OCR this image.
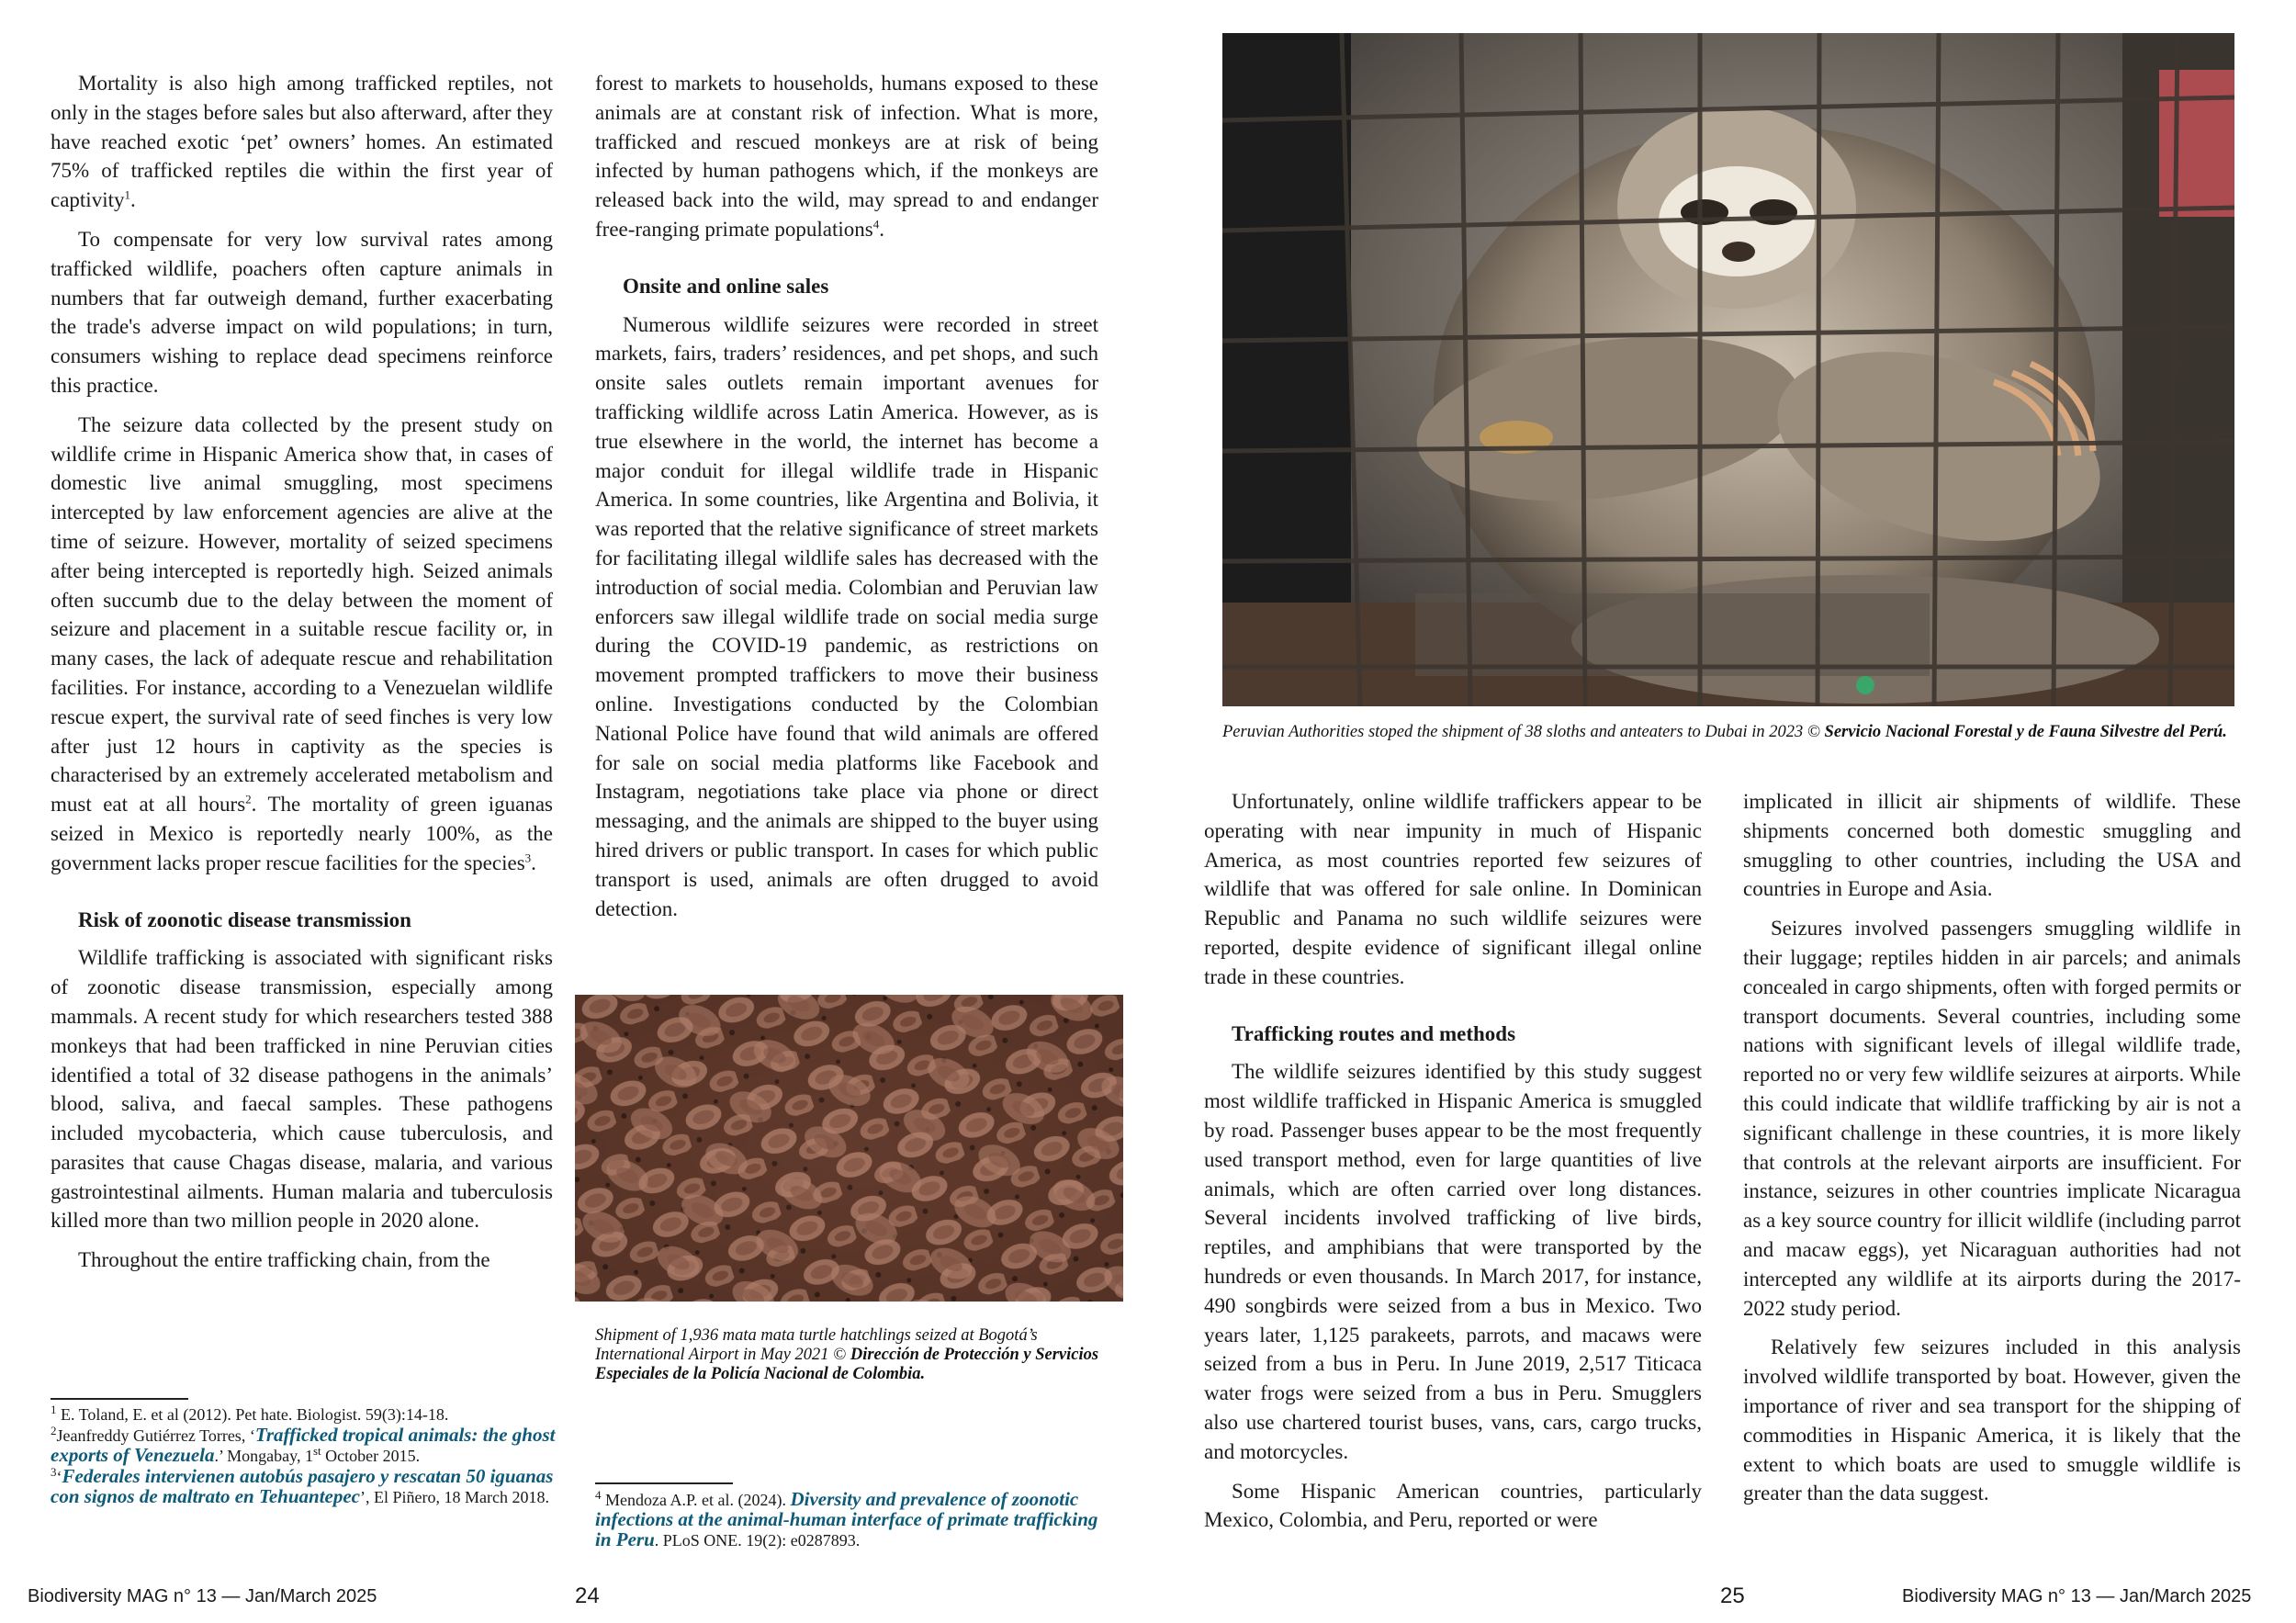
Mortality is also high among trafficked reptiles, not only in the stages before sales but also afterward, after they have reached exotic ‘pet’ owners’ homes. An estimated 75% of trafficked reptiles die within the first year of captivity$^1$.

To compensate for very low survival rates among trafficked wildlife, poachers often capture animals in numbers that far outweigh demand, further exacerbating the trade's adverse impact on wild populations; in turn, consumers wishing to replace dead specimens reinforce this practice.

The seizure data collected by the present study on wildlife crime in Hispanic America show that, in cases of domestic live animal smuggling, most specimens intercepted by law enforcement agencies are alive at the time of seizure. However, mortality of seized specimens after being intercepted is reportedly high. Seized animals often succumb due to the delay between the moment of seizure and placement in a suitable rescue facility or, in many cases, the lack of adequate rescue and rehabilitation facilities. For instance, according to a Venezuelan wildlife rescue expert, the survival rate of seed finches is very low after just 12 hours in captivity as the species is characterised by an extremely accelerated metabolism and must eat at all hours$^2$. The mortality of green iguanas seized in Mexico is reportedly nearly 100%, as the government lacks proper rescue facilities for the species$^3$.

Risk of zoonotic disease transmission

Wildlife trafficking is associated with significant risks of zoonotic disease transmission, especially among mammals. A recent study for which researchers tested 388 monkeys that had been trafficked in nine Peruvian cities identified a total of 32 disease pathogens in the animals’ blood, saliva, and faecal samples. These pathogens included mycobacteria, which cause tuberculosis, and parasites that cause Chagas disease, malaria, and various gastrointestinal ailments. Human malaria and tuberculosis killed more than two million people in 2020 alone.

Throughout the entire trafficking chain, from the

$^1$ E. Toland, E. et al (2012). Pet hate. Biologist. 59(3):14-18.
$^2$Jeanfreddy Gutiérrez Torres, ‘Trafficked tropical animals: the ghost exports of Venezuela.’ Mongabay, 1st October 2015.
$^3$‘Federales intervienen autobús pasajero y rescatan 50 iguanas con signos de maltrato en Tehuantepec’, El Piñero, 18 March 2018.

forest to markets to households, humans exposed to these animals are at constant risk of infection. What is more, trafficked and rescued monkeys are at risk of being infected by human pathogens which, if the monkeys are released back into the wild, may spread to and endanger free-ranging primate populations$^4$.

Onsite and online sales

Numerous wildlife seizures were recorded in street markets, fairs, traders’ residences, and pet shops, and such onsite sales outlets remain important avenues for trafficking wildlife across Latin America. However, as is true elsewhere in the world, the internet has become a major conduit for illegal wildlife trade in Hispanic America. In some countries, like Argentina and Bolivia, it was reported that the relative significance of street markets for facilitating illegal wildlife sales has decreased with the introduction of social media. Colombian and Peruvian law enforcers saw illegal wildlife trade on social media surge during the COVID-19 pandemic, as restrictions on movement prompted traffickers to move their business online. Investigations conducted by the Colombian National Police have found that wild animals are offered for sale on social media platforms like Facebook and Instagram, negotiations take place via phone or direct messaging, and the animals are shipped to the buyer using hired drivers or public transport. In cases for which public transport is used, animals are often drugged to avoid detection.

Shipment of 1,936 mata mata turtle hatchlings seized at Bogotá’s International Airport in May 2021 © Dirección de Protección y Servicios Especiales de la Policía Nacional de Colombia.
$^4$ Mendoza A.P. et al. (2024). Diversity and prevalence of zoonotic infections at the animal-human interface of primate trafficking in Peru. PLoS ONE. 19(2): e0287893.
Biodiversity MAG n° 13 — Jan/March 2025	24
Peruvian Authorities stoped the shipment of 38 sloths and anteaters to Dubai in 2023 © Servicio Nacional Forestal y de Fauna Silvestre del Perú.

Unfortunately, online wildlife traffickers appear to be operating with near impunity in much of Hispanic America, as most countries reported few seizures of wildlife that was offered for sale online. In Dominican Republic and Panama no such wildlife seizures were reported, despite evidence of significant illegal online trade in these countries.

Trafficking routes and methods

The wildlife seizures identified by this study suggest most wildlife trafficked in Hispanic America is smuggled by road. Passenger buses appear to be the most frequently used transport method, even for large quantities of live animals, which are often carried over long distances. Several incidents involved trafficking of live birds, reptiles, and amphibians that were transported by the hundreds or even thousands. In March 2017, for instance, 490 songbirds were seized from a bus in Mexico. Two years later, 1,125 parakeets, parrots, and macaws were seized from a bus in Peru. In June 2019, 2,517 Titicaca water frogs were seized from a bus in Peru. Smugglers also use chartered tourist buses, vans, cars, cargo trucks, and motorcycles.

Some Hispanic American countries, particularly Mexico, Colombia, and Peru, reported or were

implicated in illicit air shipments of wildlife. These shipments concerned both domestic smuggling and smuggling to other countries, including the USA and countries in Europe and Asia.

Seizures involved passengers smuggling wildlife in their luggage; reptiles hidden in air parcels; and animals concealed in cargo shipments, often with forged permits or transport documents. Several countries, including some nations with significant levels of illegal wildlife trade, reported no or very few wildlife seizures at airports. While this could indicate that wildlife trafficking by air is not a significant challenge in these countries, it is more likely that controls at the relevant airports are insufficient. For instance, seizures in other countries implicate Nicaragua as a key source country for illicit wildlife (including parrot and macaw eggs), yet Nicaraguan authorities had not intercepted any wildlife at its airports during the 2017-2022 study period.

Relatively few seizures included in this analysis involved wildlife transported by boat. However, given the importance of river and sea transport for the shipping of commodities in Hispanic America, it is likely that the extent to which boats are used to smuggle wildlife is greater than the data suggest.

25	Biodiversity MAG n° 13 — Jan/March 2025
